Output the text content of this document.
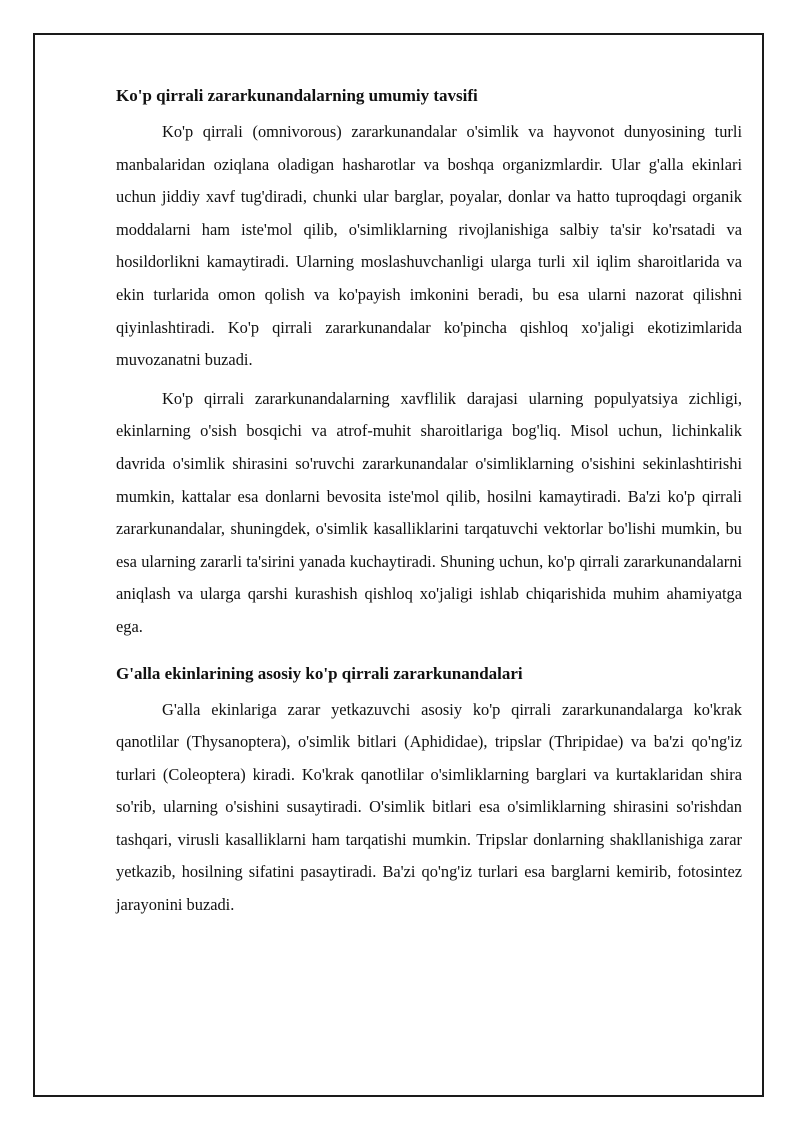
Ko'p qirrali zararkunandalarning umumiy tavsifi

Ko'p qirrali (omnivorous) zararkunandalar o'simlik va hayvonot dunyosining turli manbalaridan oziqlana oladigan hasharotlar va boshqa organizmlardir. Ular g'alla ekinlari uchun jiddiy xavf tug'diradi, chunki ular barglar, poyalar, donlar va hatto tuproqdagi organik moddalarni ham iste'mol qilib, o'simliklarning rivojlanishiga salbiy ta'sir ko'rsatadi va hosildorlikni kamaytiradi. Ularning moslashuvchanligi ularga turli xil iqlim sharoitlarida va ekin turlarida omon qolish va ko'payish imkonini beradi, bu esa ularni nazorat qilishni qiyinlashtiradi. Ko'p qirrali zararkunandalar ko'pincha qishloq xo'jaligi ekotizimlarida muvozanatni buzadi.

Ko'p qirrali zararkunandalarning xavflilik darajasi ularning populyatsiya zichligi, ekinlarning o'sish bosqichi va atrof-muhit sharoitlariga bog'liq. Misol uchun, lichinkalik davrida o'simlik shirasini so'ruvchi zararkunandalar o'simliklarning o'sishini sekinlashtirishi mumkin, kattalar esa donlarni bevosita iste'mol qilib, hosilni kamaytiradi. Ba'zi ko'p qirrali zararkunandalar, shuningdek, o'simlik kasalliklarini tarqatuvchi vektorlar bo'lishi mumkin, bu esa ularning zararli ta'sirini yanada kuchaytiradi. Shuning uchun, ko'p qirrali zararkunandalarni aniqlash va ularga qarshi kurashish qishloq xo'jaligi ishlab chiqarishida muhim ahamiyatga ega.

G'alla ekinlarining asosiy ko'p qirrali zararkunandalari

G'alla ekinlariga zarar yetkazuvchi asosiy ko'p qirrali zararkunandalarga ko'krak qanotlilar (Thysanoptera), o'simlik bitlari (Aphididae), tripslar (Thripidae) va ba'zi qo'ng'iz turlari (Coleoptera) kiradi. Ko'krak qanotlilar o'simliklarning barglari va kurtaklaridan shira so'rib, ularning o'sishini susaytiradi. O'simlik bitlari esa o'simliklarning shirasini so'rishdan tashqari, virusli kasalliklarni ham tarqatishi mumkin. Tripslar donlarning shakllanishiga zarar yetkazib, hosilning sifatini pasaytiradi. Ba'zi qo'ng'iz turlari esa barglarni kemirib, fotosintez jarayonini buzadi.
